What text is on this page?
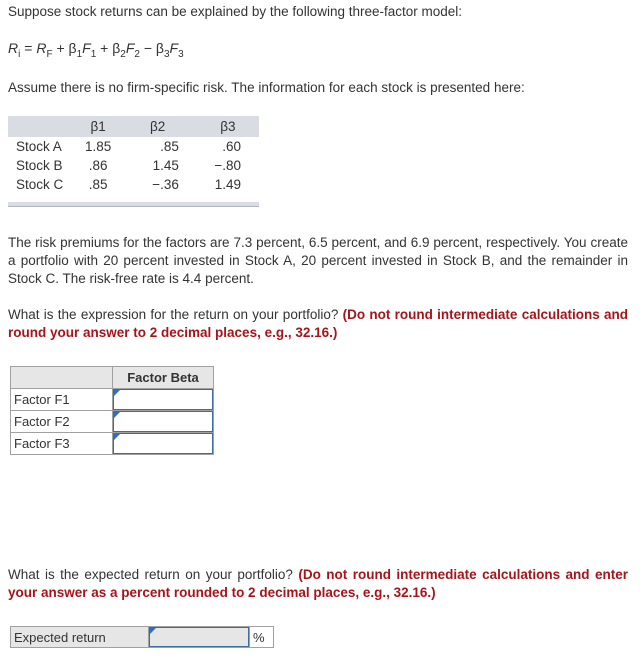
Suppose stock returns can be explained by the following three-factor model:
$R_i = R_F + \beta_1F_1 + \beta_2F_2 - \beta_3F_3$
Assume there is no firm-specific risk. The information for each stock is presented here:
	β1	β2	β3
Stock A	1.85	.85	.60
Stock B	.86	1.45	−.80
Stock C	.85	−.36	1.49
The risk premiums for the factors are 7.3 percent, 6.5 percent, and 6.9 percent, respectively. You create a portfolio with 20 percent invested in Stock A, 20 percent invested in Stock B, and the remainder in Stock C. The risk-free rate is 4.4 percent.
What is the expression for the return on your portfolio? (Do not round intermediate calculations and round your answer to 2 decimal places, e.g., 32.16.)
	Factor Beta
Factor F1	

Factor F2	

Factor F3	
What is the expected return on your portfolio? (Do not round intermediate calculations and enter your answer as a percent rounded to 2 decimal places, e.g., 32.16.)
Expected return		%
